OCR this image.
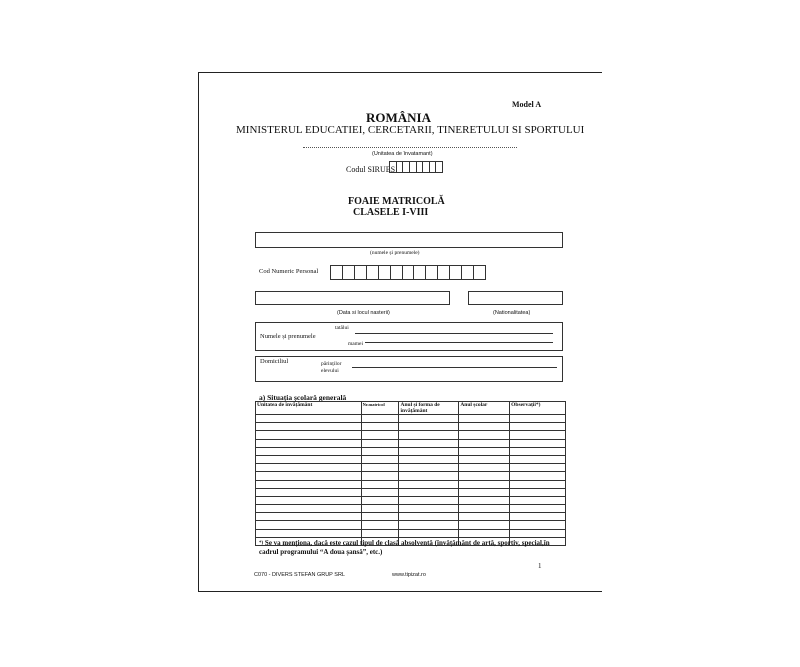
Model A
ROMÂNIA
MINISTERUL EDUCATIEI, CERCETARII, TINERETULUI SI SPORTULUI
(Unitatea de învatamant)
Codul SIRUES
FOAIE MATRICOLĂ
CLASELE I-VIII
(numele și prenumele)
Cod Numeric Personal
(Data si locul nasterii)	(Nationalitatea)
Numele și prenumele
tatălui
mamei
Domiciliul	părinților
elevului
a) Situația școlară generală
Unitatea de învățământ	Nr.matricol	Anul și forma de învățământ	Anul școlar	Observații*)

*) Se va menționa, dacă este cazul tipul de clasă absolventă (învățământ de artă, sportiv, special,în cadrul programului “A doua șansă”, etc.)
1
C070 - DIVERS STEFAN GRUP SRL	www.tipizat.ro
